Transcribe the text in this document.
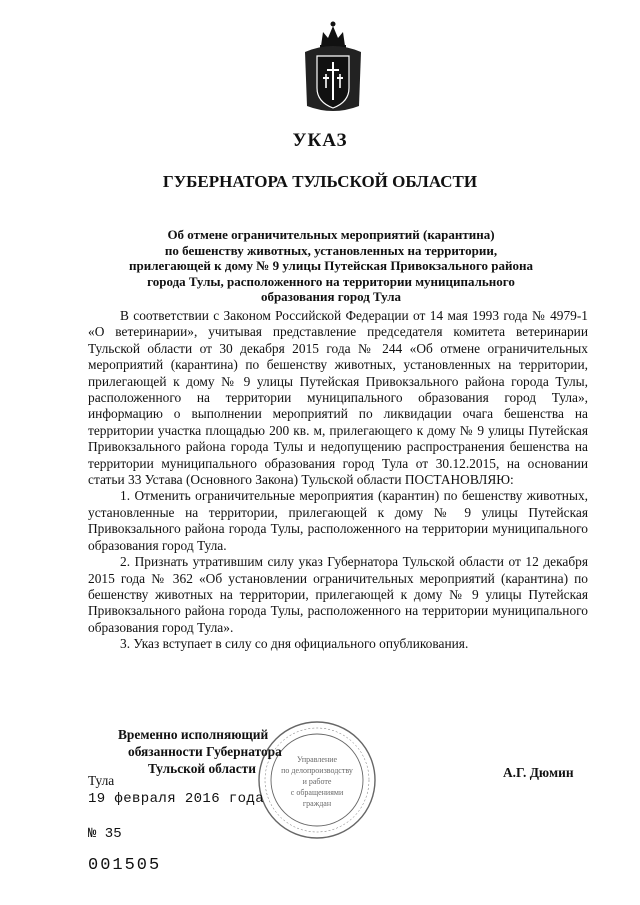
УКАЗ
ГУБЕРНАТОРА ТУЛЬСКОЙ ОБЛАСТИ
Об отмене ограничительных мероприятий (карантина)
по бешенству животных, установленных на территории,
прилегающей к дому № 9 улицы Путейская Привокзального района
города Тулы, расположенного на территории муниципального
образования город Тула

В соответствии с Законом Российской Федерации от 14 мая 1993 года № 4979-1 «О ветеринарии», учитывая представление председателя комитета ветеринарии Тульской области от 30 декабря 2015 года № 244 «Об отмене ограничительных мероприятий (карантина) по бешенству животных, установленных на территории, прилегающей к дому № 9 улицы Путейская Привокзального района города Тулы, расположенного на территории муниципального образования город Тула», информацию о выполнении мероприятий по ликвидации очага бешенства на территории участка площадью 200 кв. м, прилегающего к дому № 9 улицы Путейская Привокзального района города Тулы и недопущению распространения бешенства на территории муниципального образования город Тула от 30.12.2015, на основании статьи 33 Устава (Основного Закона) Тульской области ПОСТАНОВЛЯЮ:

1. Отменить ограничительные мероприятия (карантин) по бешенству животных, установленные на территории, прилегающей к дому № 9 улицы Путейская Привокзального района города Тулы, расположенного на территории муниципального образования город Тула.

2. Признать утратившим силу указ Губернатора Тульской области от 12 декабря 2015 года № 362 «Об установлении ограничительных мероприятий (карантина) по бешенству животных на территории, прилегающей к дому № 9 улицы Путейская Привокзального района города Тулы, расположенного на территории муниципального образования город Тула».

3. Указ вступает в силу со дня официального опубликования.

Временно исполняющий
обязанности Губернатора
Тульской области	А.Г. Дюмин
Управление
по делопроизводству
и работе
с обращениями
граждан
Тула
19 февраля 2016 года
№ 35
001505
